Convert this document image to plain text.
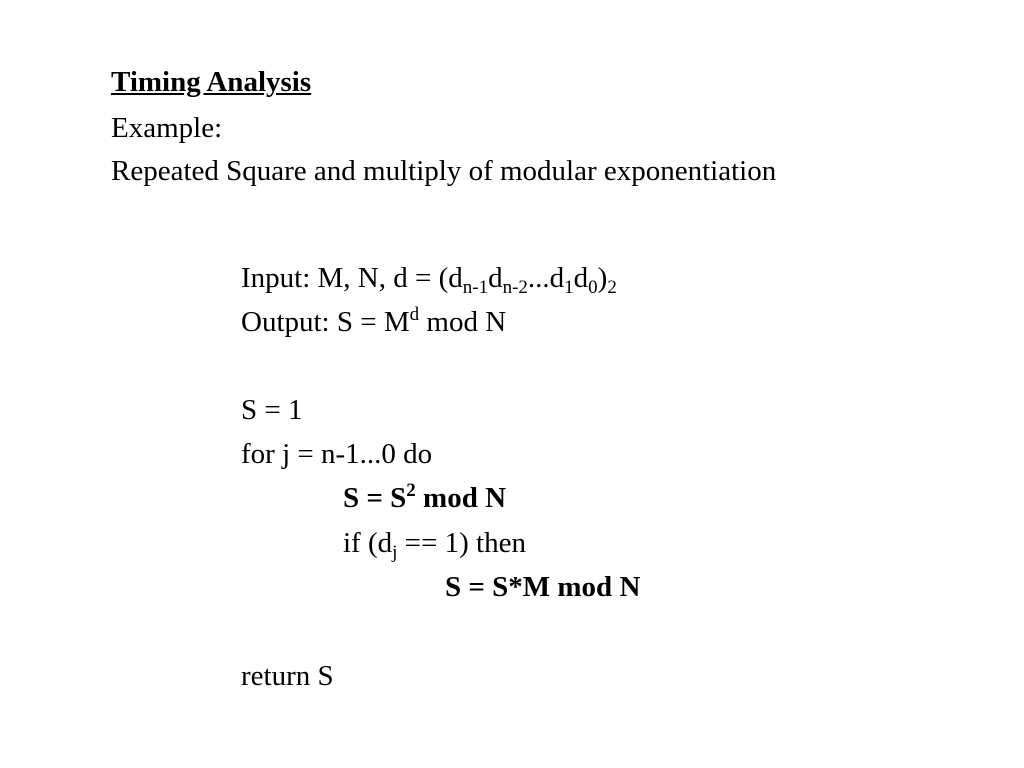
Timing Analysis
Example:
Repeated Square and multiply of modular exponentiation
Input: M, N, $d = (d_{n-1}d_{n-2}...d_1d_0)_2$
Output: $S = M^d$ mod N
S = 1
for j = n-1...0 do
$S = S^2$ mod N
if $(d_j == 1)$ then
S = S*M mod N
return S
